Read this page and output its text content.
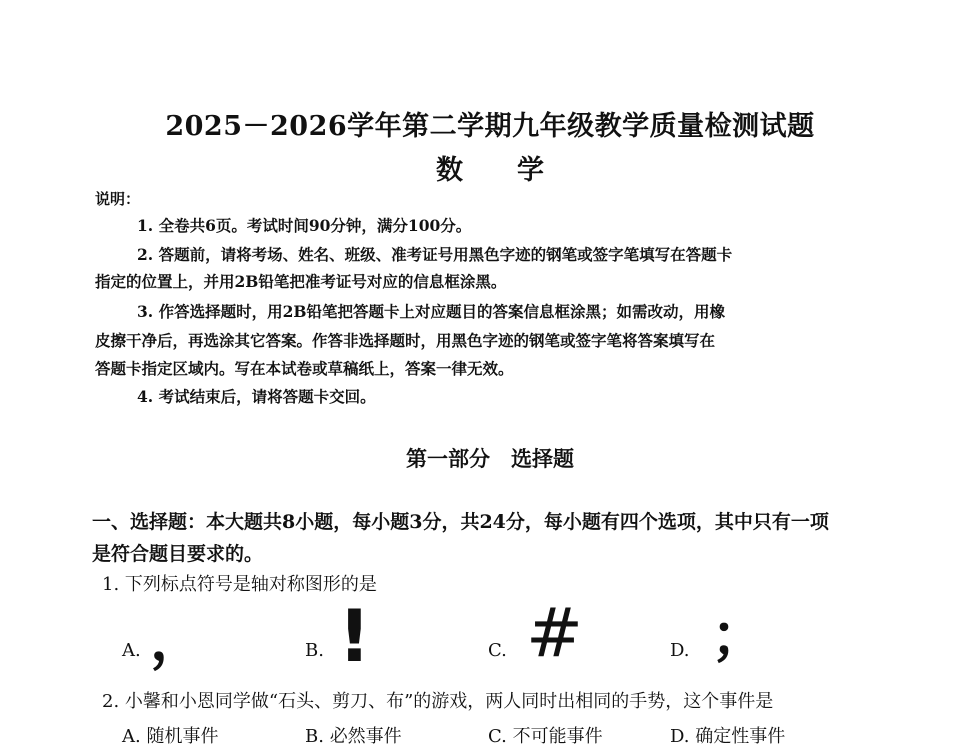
2025－2026学年第二学期九年级教学质量检测试题
数　　学
说明：
1. 全卷共6页。考试时间90分钟，满分100分。
2. 答题前，请将考场、姓名、班级、准考证号用黑色字迹的钢笔或签字笔填写在答题卡
指定的位置上，并用2B铅笔把准考证号对应的信息框涂黑。
3. 作答选择题时，用2B铅笔把答题卡上对应题目的答案信息框涂黑；如需改动，用橡
皮擦干净后，再选涂其它答案。作答非选择题时，用黑色字迹的钢笔或签字笔将答案填写在
答题卡指定区域内。写在本试卷或草稿纸上，答案一律无效。
4. 考试结束后，请将答题卡交回。
第一部分　选择题
一、选择题：本大题共8小题，每小题3分，共24分，每小题有四个选项，其中只有一项
是符合题目要求的。
1. 下列标点符号是轴对称图形的是
A. ，	B. !	C. #	D. ；
2. 小馨和小恩同学做“石头、剪刀、布”的游戏，两人同时出相同的手势，这个事件是
A. 随机事件	B. 必然事件	C. 不可能事件	D. 确定性事件
